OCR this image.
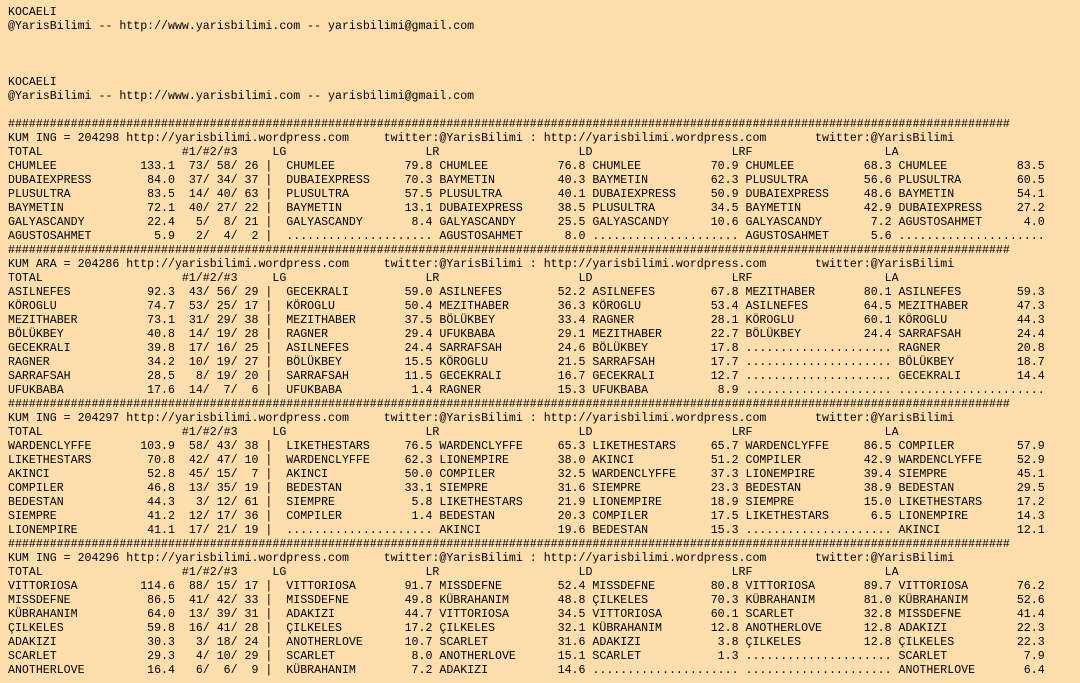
KOCAELI
@YarisBilimi -- http://www.yarisbilimi.com -- yarisbilimi@gmail.com
KOCAELI
@YarisBilimi -- http://www.yarisbilimi.com -- yarisbilimi@gmail.com
################################################################################################################################################
KUM ING = 204298 http://yarisbilimi.wordpress.com     twitter:@YarisBilimi : http://yarisbilimi.wordpress.com       twitter:@YarisBilimi
TOTAL                    #1/#2/#3     LG                    LR                    LD                    LRF                   LA
CHUMLEE            133.1  73/ 58/ 26 |  CHUMLEE          79.8 CHUMLEE          76.8 CHUMLEE          70.9 CHUMLEE          68.3 CHUMLEE          83.5
DUBAIEXPRESS        84.0  37/ 34/ 37 |  DUBAIEXPRESS     70.3 BAYMETIN         40.3 BAYMETIN         62.3 PLUSULTRA        56.6 PLUSULTRA        60.5
PLUSULTRA           83.5  14/ 40/ 63 |  PLUSULTRA        57.5 PLUSULTRA        40.1 DUBAIEXPRESS     50.9 DUBAIEXPRESS     48.6 BAYMETIN         54.1
BAYMETIN            72.1  40/ 27/ 22 |  BAYMETIN         13.1 DUBAIEXPRESS     38.5 PLUSULTRA        34.5 BAYMETIN         42.9 DUBAIEXPRESS     27.2
GALYASCANDY         22.4   5/  8/ 21 |  GALYASCANDY       8.4 GALYASCANDY      25.5 GALYASCANDY      10.6 GALYASCANDY       7.2 AGUSTOSAHMET      4.0
AGUSTOSAHMET         5.9   2/  4/  2 |  ..................... AGUSTOSAHMET      8.0 ..................... AGUSTOSAHMET      5.6 .....................
################################################################################################################################################
KUM ARA = 204286 http://yarisbilimi.wordpress.com     twitter:@YarisBilimi : http://yarisbilimi.wordpress.com       twitter:@YarisBilimi
TOTAL                    #1/#2/#3     LG                    LR                    LD                    LRF                   LA
ASILNEFES           92.3  43/ 56/ 29 |  GECEKRALI        59.0 ASILNEFES        52.2 ASILNEFES        67.8 MEZITHABER       80.1 ASILNEFES        59.3
KÖROGLU             74.7  53/ 25/ 17 |  KÖROGLU          50.4 MEZITHABER       36.3 KÖROGLU          53.4 ASILNEFES        64.5 MEZITHABER       47.3
MEZITHABER          73.1  31/ 29/ 38 |  MEZITHABER       37.5 BÖLÜKBEY         33.4 RAGNER           28.1 KÖROGLU          60.1 KÖROGLU          44.3
BÖLÜKBEY            40.8  14/ 19/ 28 |  RAGNER           29.4 UFUKBABA         29.1 MEZITHABER       22.7 BÖLÜKBEY         24.4 SARRAFSAH        24.4
GECEKRALI           39.8  17/ 16/ 25 |  ASILNEFES        24.4 SARRAFSAH        24.6 BÖLÜKBEY         17.8 ..................... RAGNER           20.8
RAGNER              34.2  10/ 19/ 27 |  BÖLÜKBEY         15.5 KÖROGLU          21.5 SARRAFSAH        17.7 ..................... BÖLÜKBEY         18.7
SARRAFSAH           28.5   8/ 19/ 20 |  SARRAFSAH        11.5 GECEKRALI        16.7 GECEKRALI        12.7 ..................... GECEKRALI        14.4
UFUKBABA            17.6  14/  7/  6 |  UFUKBABA          1.4 RAGNER           15.3 UFUKBABA          8.9 ..................... .....................
################################################################################################################################################
KUM ING = 204297 http://yarisbilimi.wordpress.com     twitter:@YarisBilimi : http://yarisbilimi.wordpress.com       twitter:@YarisBilimi
TOTAL                    #1/#2/#3     LG                    LR                    LD                    LRF                   LA
WARDENCLYFFE       103.9  58/ 43/ 38 |  LIKETHESTARS     76.5 WARDENCLYFFE     65.3 LIKETHESTARS     65.7 WARDENCLYFFE     86.5 COMPILER         57.9
LIKETHESTARS        70.8  42/ 47/ 10 |  WARDENCLYFFE     62.3 LIONEMPIRE       38.0 AKINCI           51.2 COMPILER         42.9 WARDENCLYFFE     52.9
AKINCI              52.8  45/ 15/  7 |  AKINCI           50.0 COMPILER         32.5 WARDENCLYFFE     37.3 LIONEMPIRE       39.4 SIEMPRE          45.1
COMPILER            46.8  13/ 35/ 19 |  BEDESTAN         33.1 SIEMPRE          31.6 SIEMPRE          23.3 BEDESTAN         38.9 BEDESTAN         29.5
BEDESTAN            44.3   3/ 12/ 61 |  SIEMPRE           5.8 LIKETHESTARS     21.9 LIONEMPIRE       18.9 SIEMPRE          15.0 LIKETHESTARS     17.2
SIEMPRE             41.2  12/ 17/ 36 |  COMPILER          1.4 BEDESTAN         20.3 COMPILER         17.5 LIKETHESTARS      6.5 LIONEMPIRE       14.3
LIONEMPIRE          41.1  17/ 21/ 19 |  ..................... AKINCI           19.6 BEDESTAN         15.3 ..................... AKINCI           12.1
################################################################################################################################################
KUM ING = 204296 http://yarisbilimi.wordpress.com     twitter:@YarisBilimi : http://yarisbilimi.wordpress.com       twitter:@YarisBilimi
TOTAL                    #1/#2/#3     LG                    LR                    LD                    LRF                   LA
VITTORIOSA         114.6  88/ 15/ 17 |  VITTORIOSA       91.7 MISSDEFNE        52.4 MISSDEFNE        80.8 VITTORIOSA       89.7 VITTORIOSA       76.2
MISSDEFNE           86.5  41/ 42/ 33 |  MISSDEFNE        49.8 KÜBRAHANIM       48.8 ÇILKELES         70.3 KÜBRAHANIM       81.0 KÜBRAHANIM       52.6
KÜBRAHANIM          64.0  13/ 39/ 31 |  ADAKIZI          44.7 VITTORIOSA       34.5 VITTORIOSA       60.1 SCARLET          32.8 MISSDEFNE        41.4
ÇILKELES            59.8  16/ 41/ 28 |  ÇILKELES         17.2 ÇILKELES         32.1 KÜBRAHANIM       12.8 ANOTHERLOVE      12.8 ADAKIZI          22.3
ADAKIZI             30.3   3/ 18/ 24 |  ANOTHERLOVE      10.7 SCARLET          31.6 ADAKIZI           3.8 ÇILKELES         12.8 ÇILKELES         22.3
SCARLET             29.3   4/ 10/ 29 |  SCARLET           8.0 ANOTHERLOVE      15.1 SCARLET           1.3 ..................... SCARLET           7.9
ANOTHERLOVE         16.4   6/  6/  9 |  KÜBRAHANIM        7.2 ADAKIZI          14.6 ..................... ..................... ANOTHERLOVE       6.4
